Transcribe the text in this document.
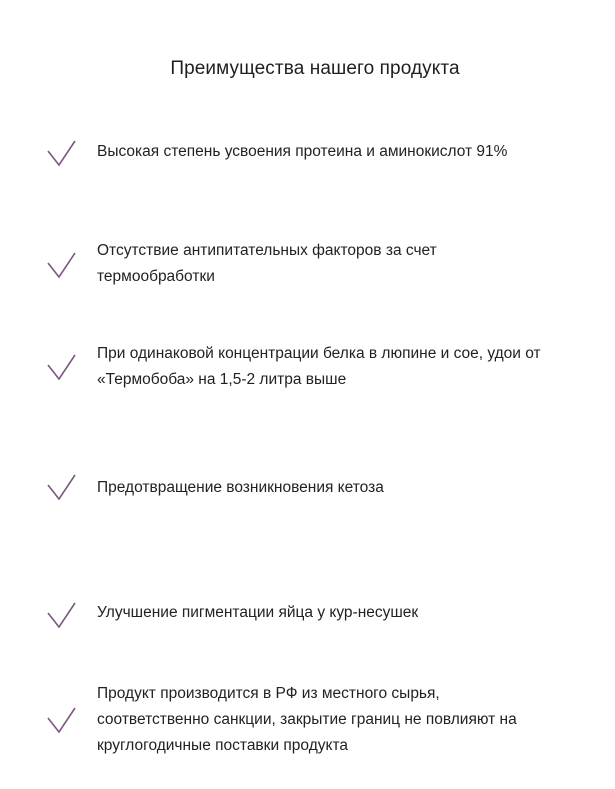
Преимущества нашего продукта
Высокая степень усвоения протеина и аминокислот 91%
Отсутствие антипитательных факторов за счет
термообработки
При одинаковой концентрации белка в люпине и сое, удои от
«Термобоба» на 1,5-2 литра выше
Предотвращение возникновения кетоза
Улучшение пигментации яйца у кур-несушек
Продукт производится в РФ из местного сырья,
соответственно санкции, закрытие границ не повлияют на
круглогодичные поставки продукта
